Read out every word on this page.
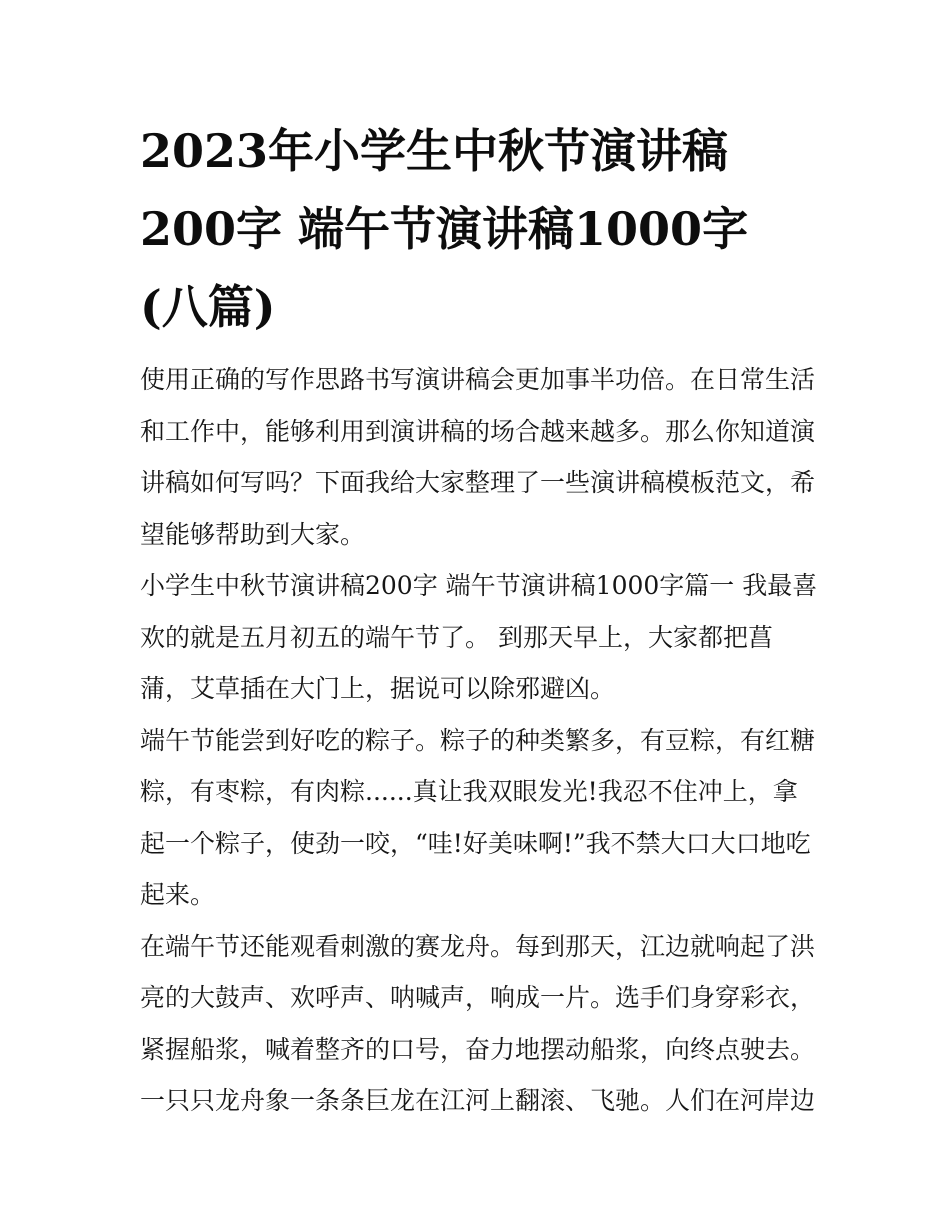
2023年小学生中秋节演讲稿
200字 端午节演讲稿1000字
(八篇)
使用正确的写作思路书写演讲稿会更加事半功倍。在日常生活
和工作中，能够利用到演讲稿的场合越来越多。那么你知道演
讲稿如何写吗？下面我给大家整理了一些演讲稿模板范文，希
望能够帮助到大家。
小学生中秋节演讲稿200字 端午节演讲稿1000字篇一 我最喜
欢的就是五月初五的端午节了。 到那天早上，大家都把菖
蒲，艾草插在大门上，据说可以除邪避凶。
端午节能尝到好吃的粽子。粽子的种类繁多，有豆粽，有红糖
粽，有枣粽，有肉粽......真让我双眼发光!我忍不住冲上，拿
起一个粽子，使劲一咬，“哇!好美味啊!”我不禁大口大口地吃
起来。
在端午节还能观看刺激的赛龙舟。每到那天，江边就响起了洪
亮的大鼓声、欢呼声、呐喊声，响成一片。选手们身穿彩衣，
紧握船浆，喊着整齐的口号，奋力地摆动船浆，向终点驶去。
一只只龙舟象一条条巨龙在江河上翻滚、飞驰。人们在河岸边
